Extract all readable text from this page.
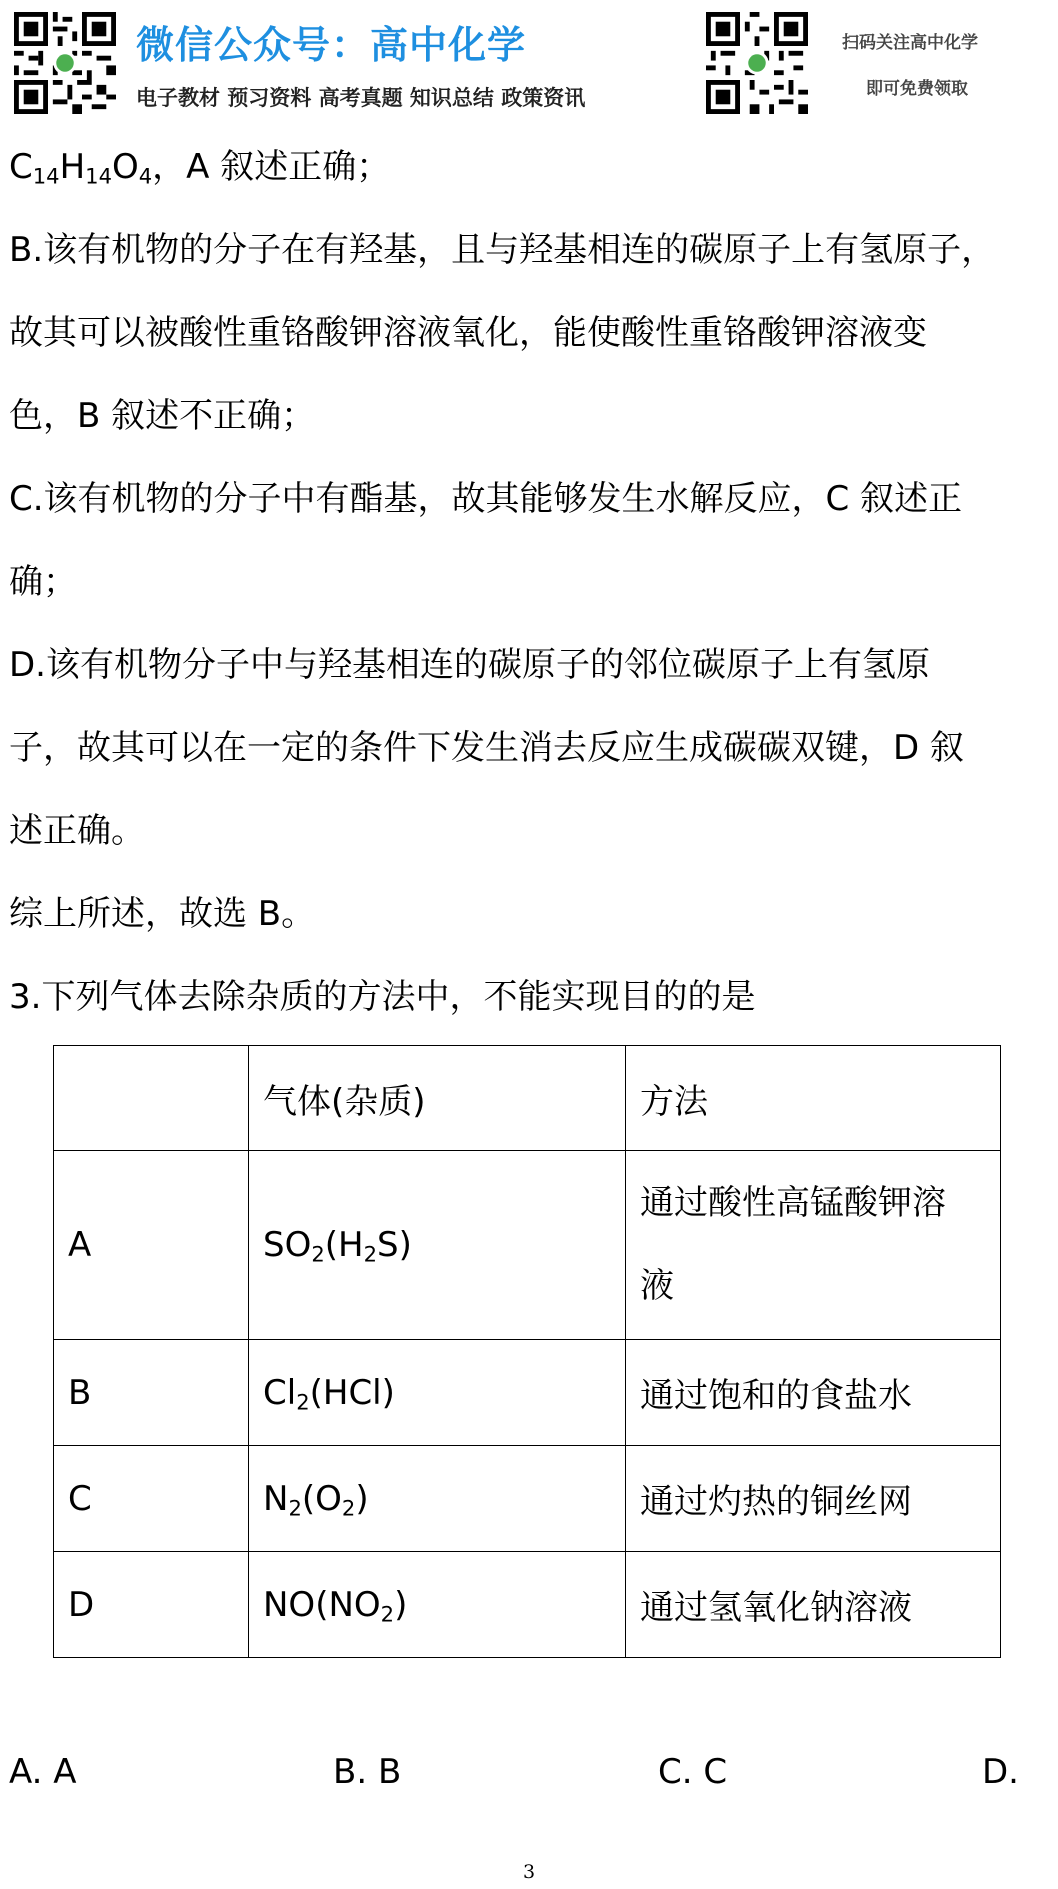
微信公众号：高中化学
电子教材 预习资料 高考真题 知识总结 政策资讯
扫码关注高中化学
即可免费领取
$C_{14}H_{14}O_4$，A 叙述正确；
B.该有机物的分子在有羟基，且与羟基相连的碳原子上有氢原子，
故其可以被酸性重铬酸钾溶液氧化，能使酸性重铬酸钾溶液变
色，B 叙述不正确；
C.该有机物的分子中有酯基，故其能够发生水解反应，C 叙述正
确；
D.该有机物分子中与羟基相连的碳原子的邻位碳原子上有氢原
子，故其可以在一定的条件下发生消去反应生成碳碳双键，D 叙
述正确。
综上所述，故选 B。
3.下列气体去除杂质的方法中，不能实现目的的是
	气体(杂质)	方法
A	$SO_2(H_2S)$	通过酸性高锰酸钾溶
液
B	$Cl_2(HCl)$	通过饱和的食盐水
C	$N_2(O_2)$	通过灼热的铜丝网
D	$NO(NO_2)$	通过氢氧化钠溶液
A. A	B. B	C. C	D.
3
